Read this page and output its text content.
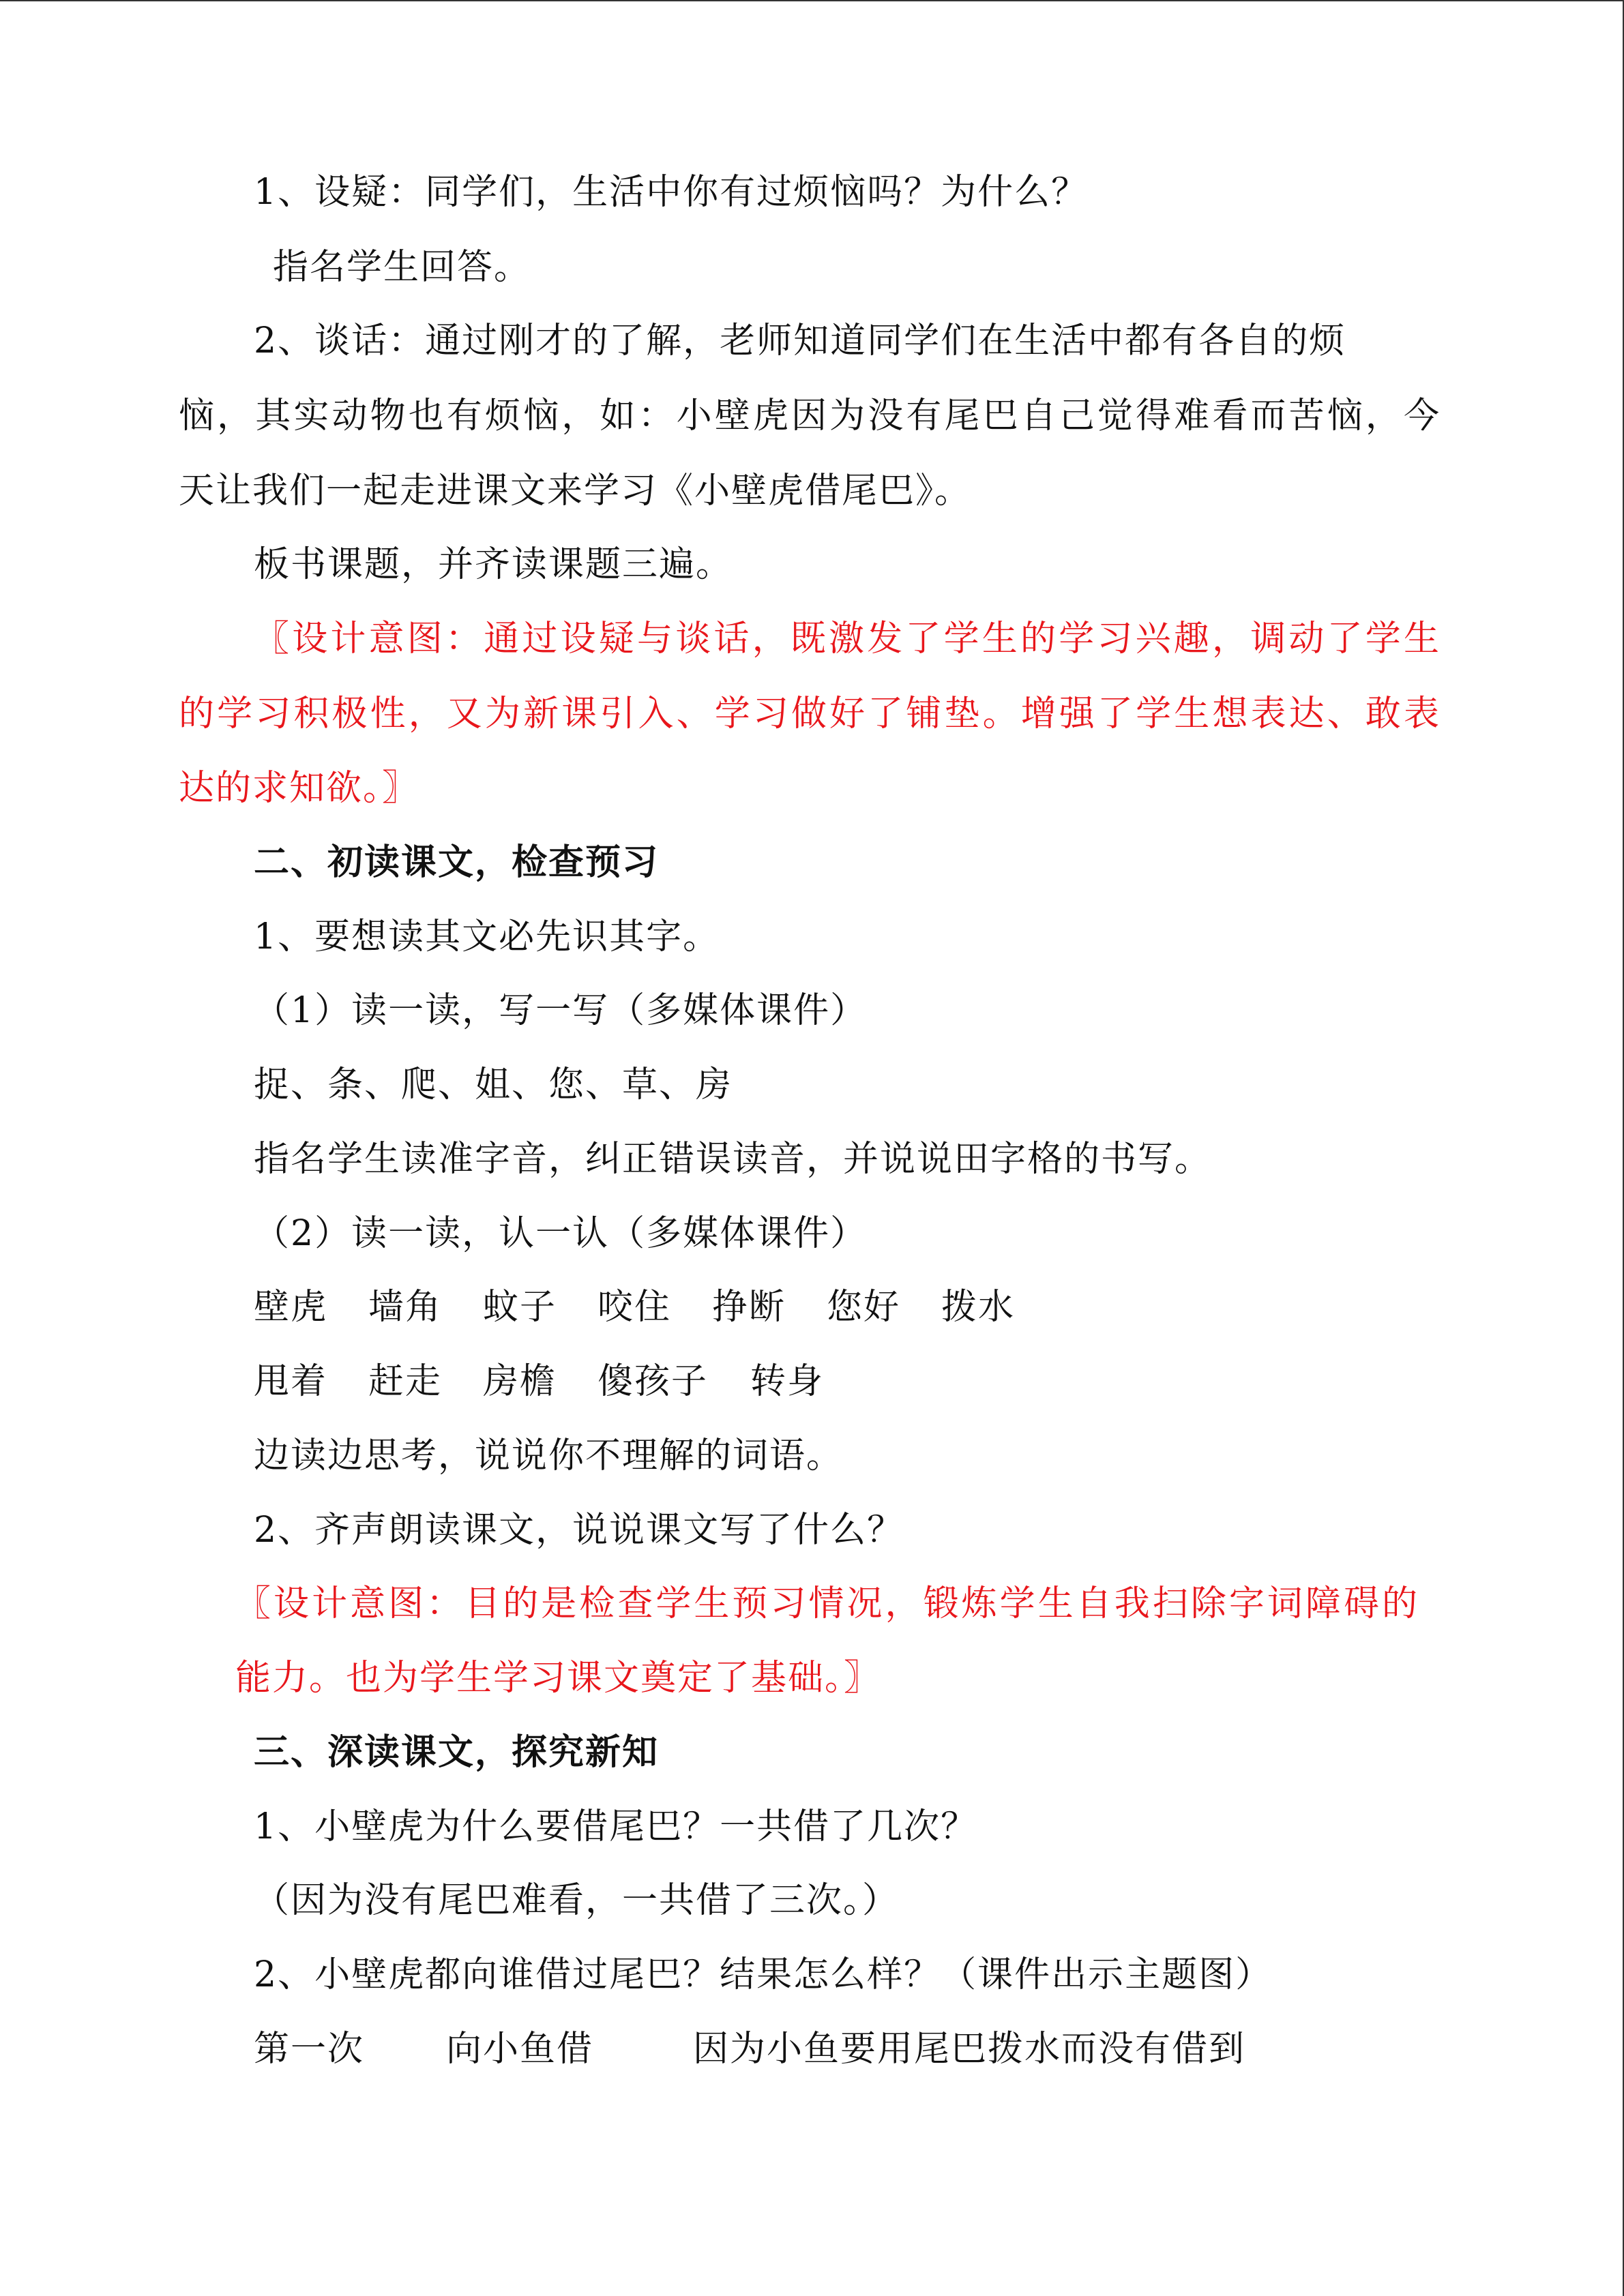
1、设疑：同学们，生活中你有过烦恼吗？为什么？
指名学生回答。
2、谈话：通过刚才的了解，老师知道同学们在生活中都有各自的烦
恼，其实动物也有烦恼，如：小壁虎因为没有尾巴自己觉得难看而苦恼，今
天让我们一起走进课文来学习《小壁虎借尾巴》。
板书课题，并齐读课题三遍。
〖设计意图：通过设疑与谈话，既激发了学生的学习兴趣，调动了学生
的学习积极性，又为新课引入、学习做好了铺垫。增强了学生想表达、敢表
达的求知欲。〗
二、初读课文，检查预习
1、要想读其文必先识其字。
（1）读一读，写一写（多媒体课件）
捉、条、爬、姐、您、草、房
指名学生读准字音，纠正错误读音，并说说田字格的书写。
（2）读一读，认一认（多媒体课件）
壁虎 墙角 蚊子 咬住 挣断 您好 拨水
甩着 赶走 房檐 傻孩子 转身
边读边思考，说说你不理解的词语。
2、齐声朗读课文，说说课文写了什么？
〖设计意图：目的是检查学生预习情况，锻炼学生自我扫除字词障碍的
能力。也为学生学习课文奠定了基础。〗
三、深读课文，探究新知
1、小壁虎为什么要借尾巴？一共借了几次？
（因为没有尾巴难看，一共借了三次。）
2、小壁虎都向谁借过尾巴？结果怎么样？（课件出示主题图）
第一次 向小鱼借	因为小鱼要用尾巴拨水而没有借到
